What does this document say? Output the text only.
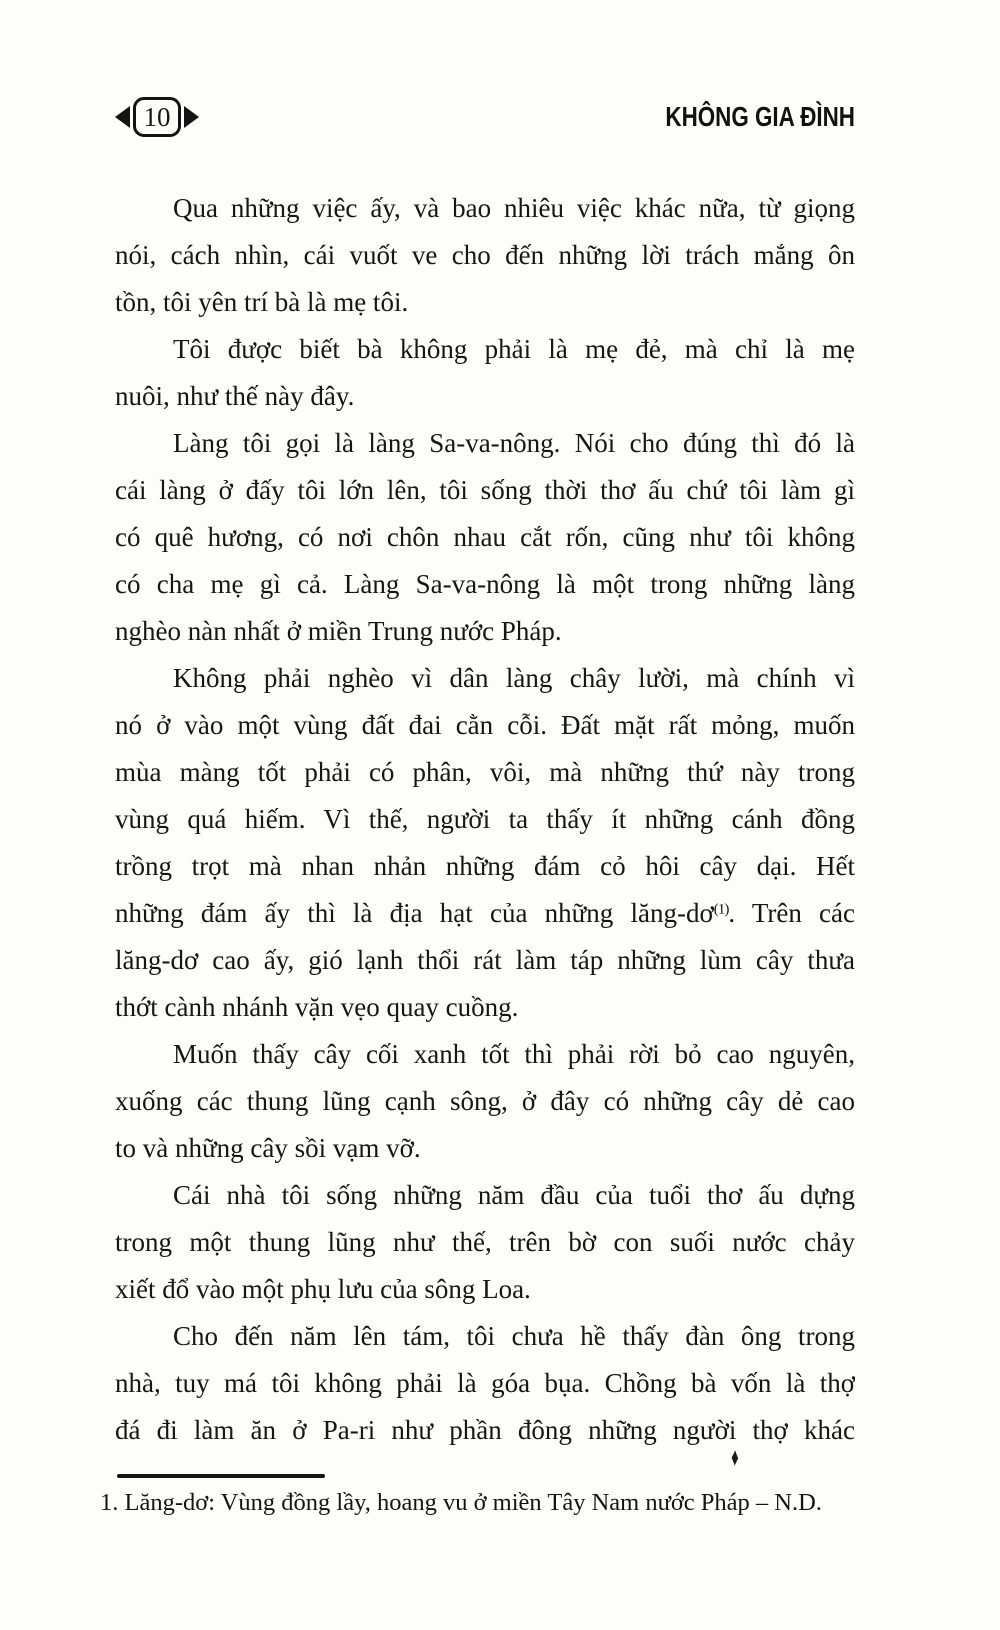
10	KHÔNG GIA ĐÌNH

Qua những việc ấy, và bao nhiêu việc khác nữa, từ giọng
nói, cách nhìn, cái vuốt ve cho đến những lời trách mắng ôn
tồn, tôi yên trí bà là mẹ tôi.

Tôi được biết bà không phải là mẹ đẻ, mà chỉ là mẹ
nuôi, như thế này đây.

Làng tôi gọi là làng Sa-va-nông. Nói cho đúng thì đó là
cái làng ở đấy tôi lớn lên, tôi sống thời thơ ấu chứ tôi làm gì
có quê hương, có nơi chôn nhau cắt rốn, cũng như tôi không
có cha mẹ gì cả. Làng Sa-va-nông là một trong những làng
nghèo nàn nhất ở miền Trung nước Pháp.

Không phải nghèo vì dân làng chây lười, mà chính vì
nó ở vào một vùng đất đai cằn cỗi. Đất mặt rất mỏng, muốn
mùa màng tốt phải có phân, vôi, mà những thứ này trong
vùng quá hiếm. Vì thế, người ta thấy ít những cánh đồng
trồng trọt mà nhan nhản những đám cỏ hôi cây dại. Hết
những đám ấy thì là địa hạt của những lăng-dơ$^{(1)}$. Trên các
lăng-dơ cao ấy, gió lạnh thổi rát làm táp những lùm cây thưa
thớt cành nhánh vặn vẹo quay cuồng.

Muốn thấy cây cối xanh tốt thì phải rời bỏ cao nguyên,
xuống các thung lũng cạnh sông, ở đây có những cây dẻ cao
to và những cây sồi vạm vỡ.

Cái nhà tôi sống những năm đầu của tuổi thơ ấu dựng
trong một thung lũng như thế, trên bờ con suối nước chảy
xiết đổ vào một phụ lưu của sông Loa.

Cho đến năm lên tám, tôi chưa hề thấy đàn ông trong
nhà, tuy má tôi không phải là góa bụa. Chồng bà vốn là thợ
đá đi làm ăn ở Pa-ri như phần đông những người thợ khác

♦
1. Lăng-dơ: Vùng đồng lầy, hoang vu ở miền Tây Nam nước Pháp – N.D.
